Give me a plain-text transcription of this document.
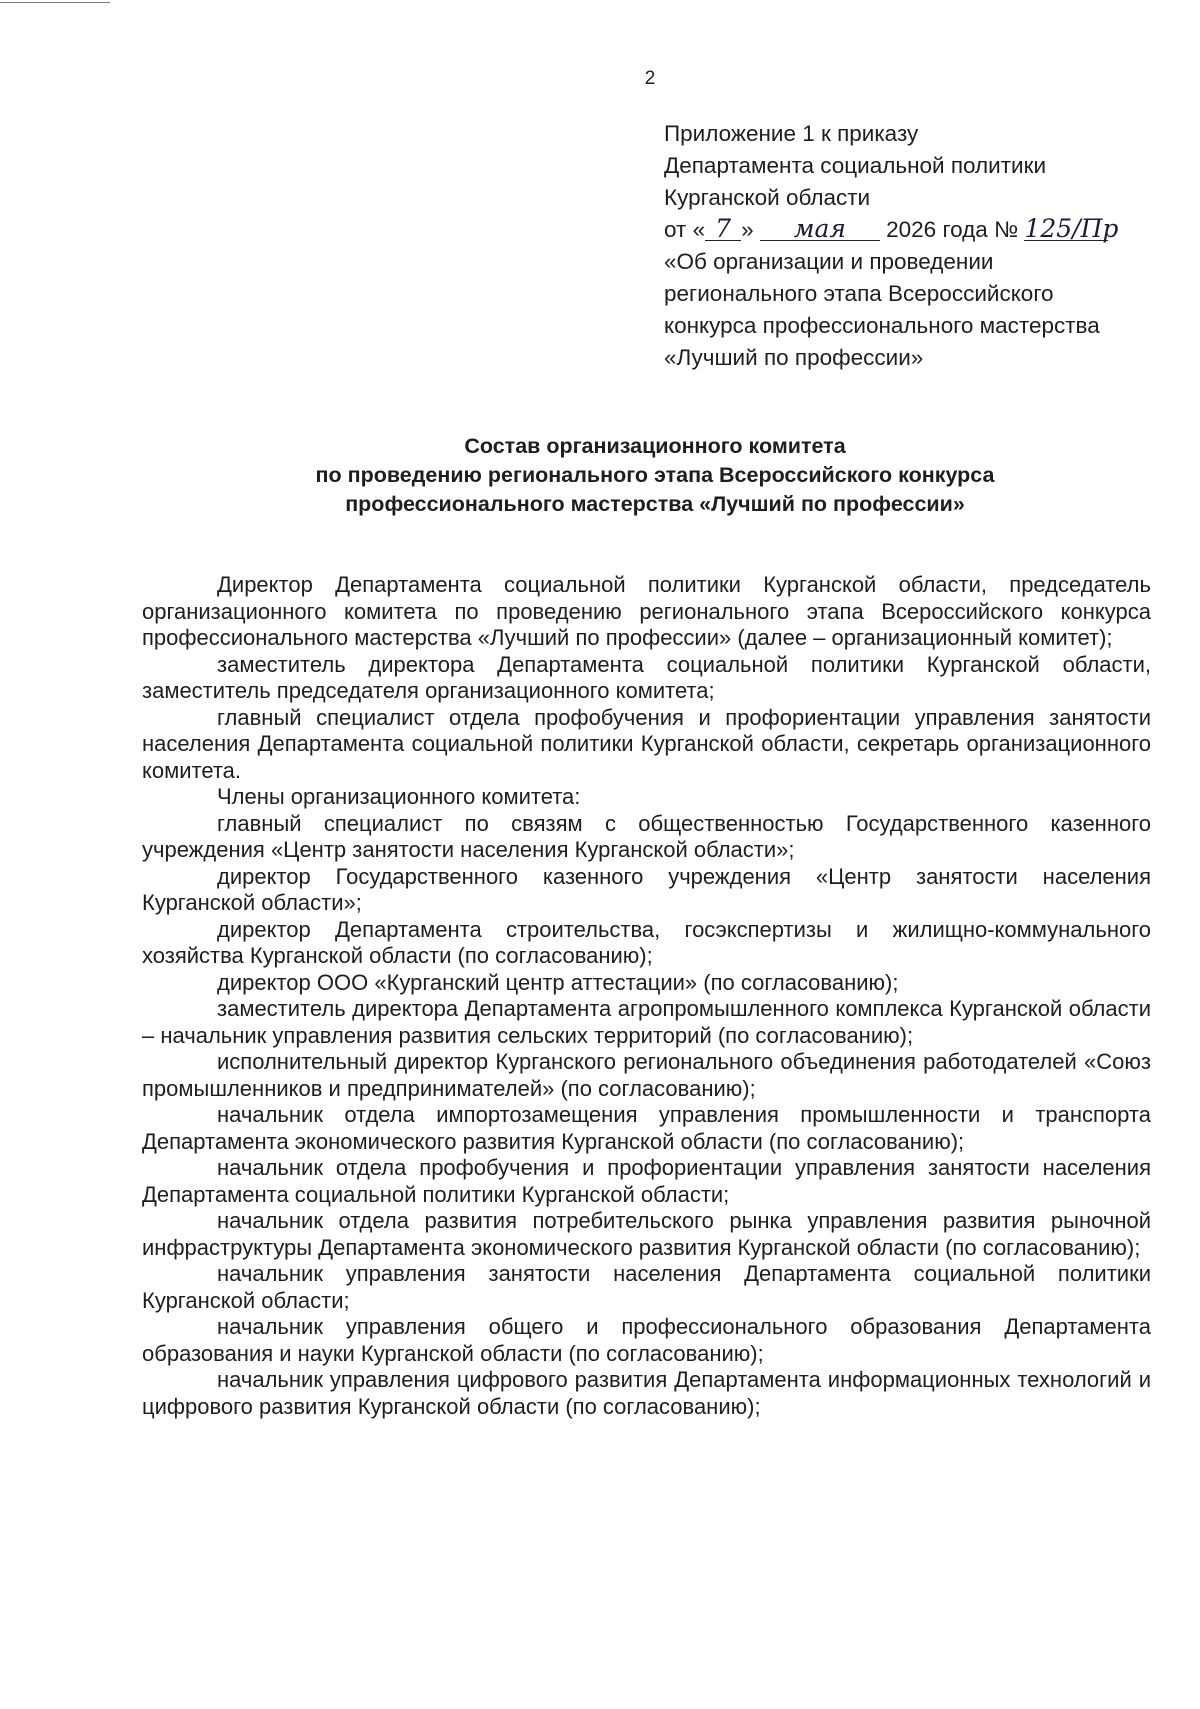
2
Приложение 1 к приказу
Департамента социальной политики
Курганской области
от « 7 » мая 2026 года № 125/Пр
«Об организации и проведении
регионального этапа Всероссийского
конкурса профессионального мастерства
«Лучший по профессии»
Состав организационного комитета
по проведению регионального этапа Всероссийского конкурса
профессионального мастерства «Лучший по профессии»

Директор Департамента социальной политики Курганской области, председатель организационного комитета по проведению регионального этапа Всероссийского конкурса профессионального мастерства «Лучший по профессии» (далее – организационный комитет);

заместитель директора Департамента социальной политики Курганской области, заместитель председателя организационного комитета;

главный специалист отдела профобучения и профориентации управления занятости населения Департамента социальной политики Курганской области, секретарь организационного комитета.

Члены организационного комитета:

главный специалист по связям с общественностью Государственного казенного учреждения «Центр занятости населения Курганской области»;

директор Государственного казенного учреждения «Центр занятости населения Курганской области»;

директор Департамента строительства, госэкспертизы и жилищно-коммунального хозяйства Курганской области (по согласованию);

директор ООО «Курганский центр аттестации» (по согласованию);

заместитель директора Департамента агропромышленного комплекса Курганской области – начальник управления развития сельских территорий (по согласованию);

исполнительный директор Курганского регионального объединения работодателей «Союз промышленников и предпринимателей» (по согласованию);

начальник отдела импортозамещения управления промышленности и транспорта Департамента экономического развития Курганской области (по согласованию);

начальник отдела профобучения и профориентации управления занятости населения Департамента социальной политики Курганской области;

начальник отдела развития потребительского рынка управления развития рыночной инфраструктуры Департамента экономического развития Курганской области (по согласованию);

начальник управления занятости населения Департамента социальной политики Курганской области;

начальник управления общего и профессионального образования Департамента образования и науки Курганской области (по согласованию);

начальник управления цифрового развития Департамента информационных технологий и цифрового развития Курганской области (по согласованию);
